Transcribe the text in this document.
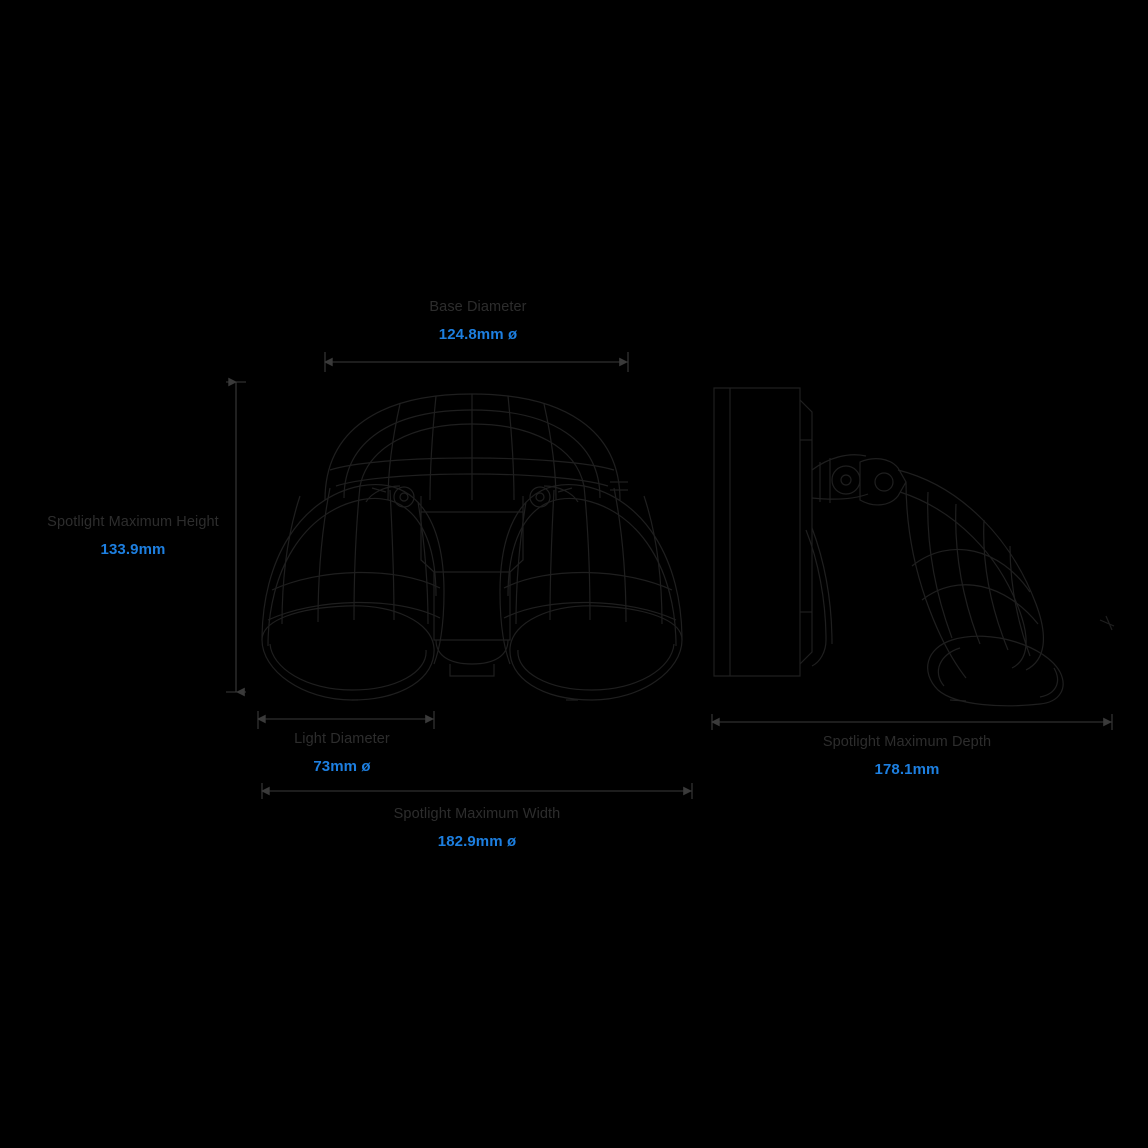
Base Diameter
124.8mm ø
Spotlight Maximum Height
133.9mm
Light Diameter
73mm ø
Spotlight Maximum Width
182.9mm ø
Spotlight Maximum Depth
178.1mm
